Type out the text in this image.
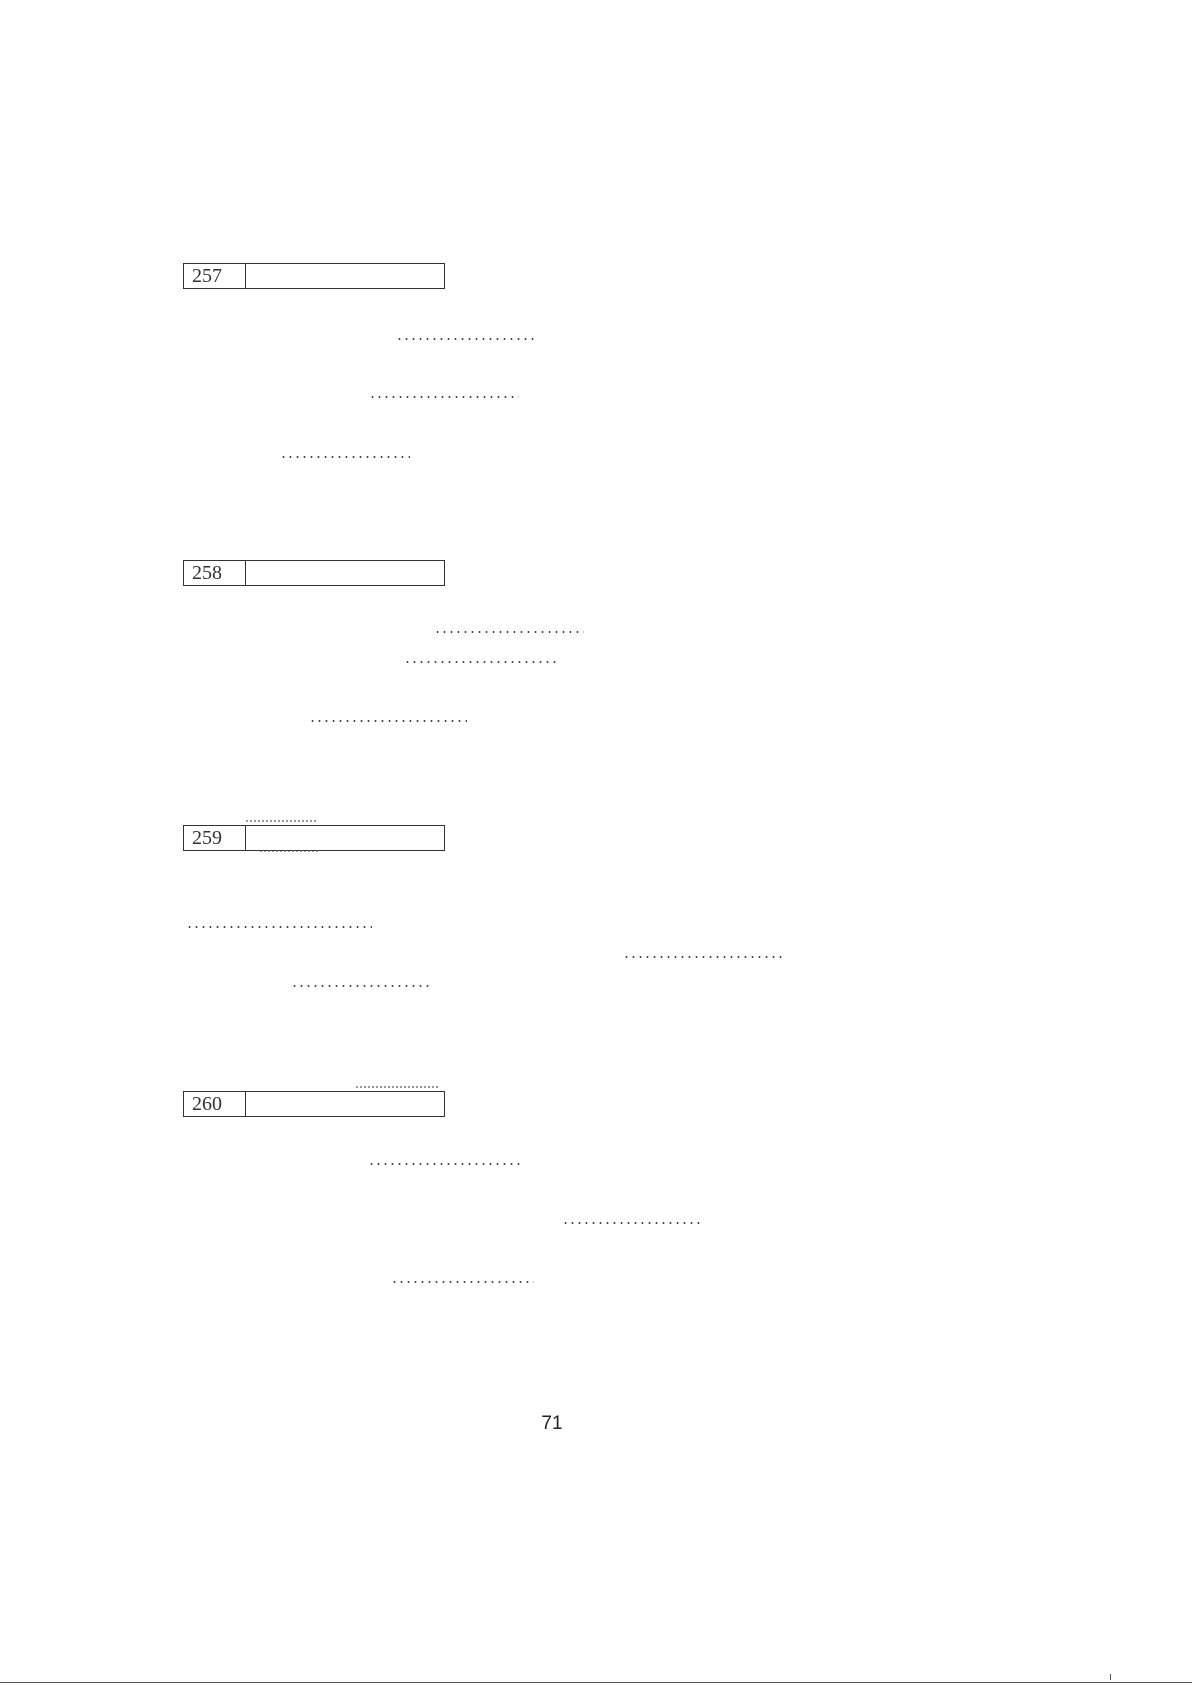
257
258
259
260
71
